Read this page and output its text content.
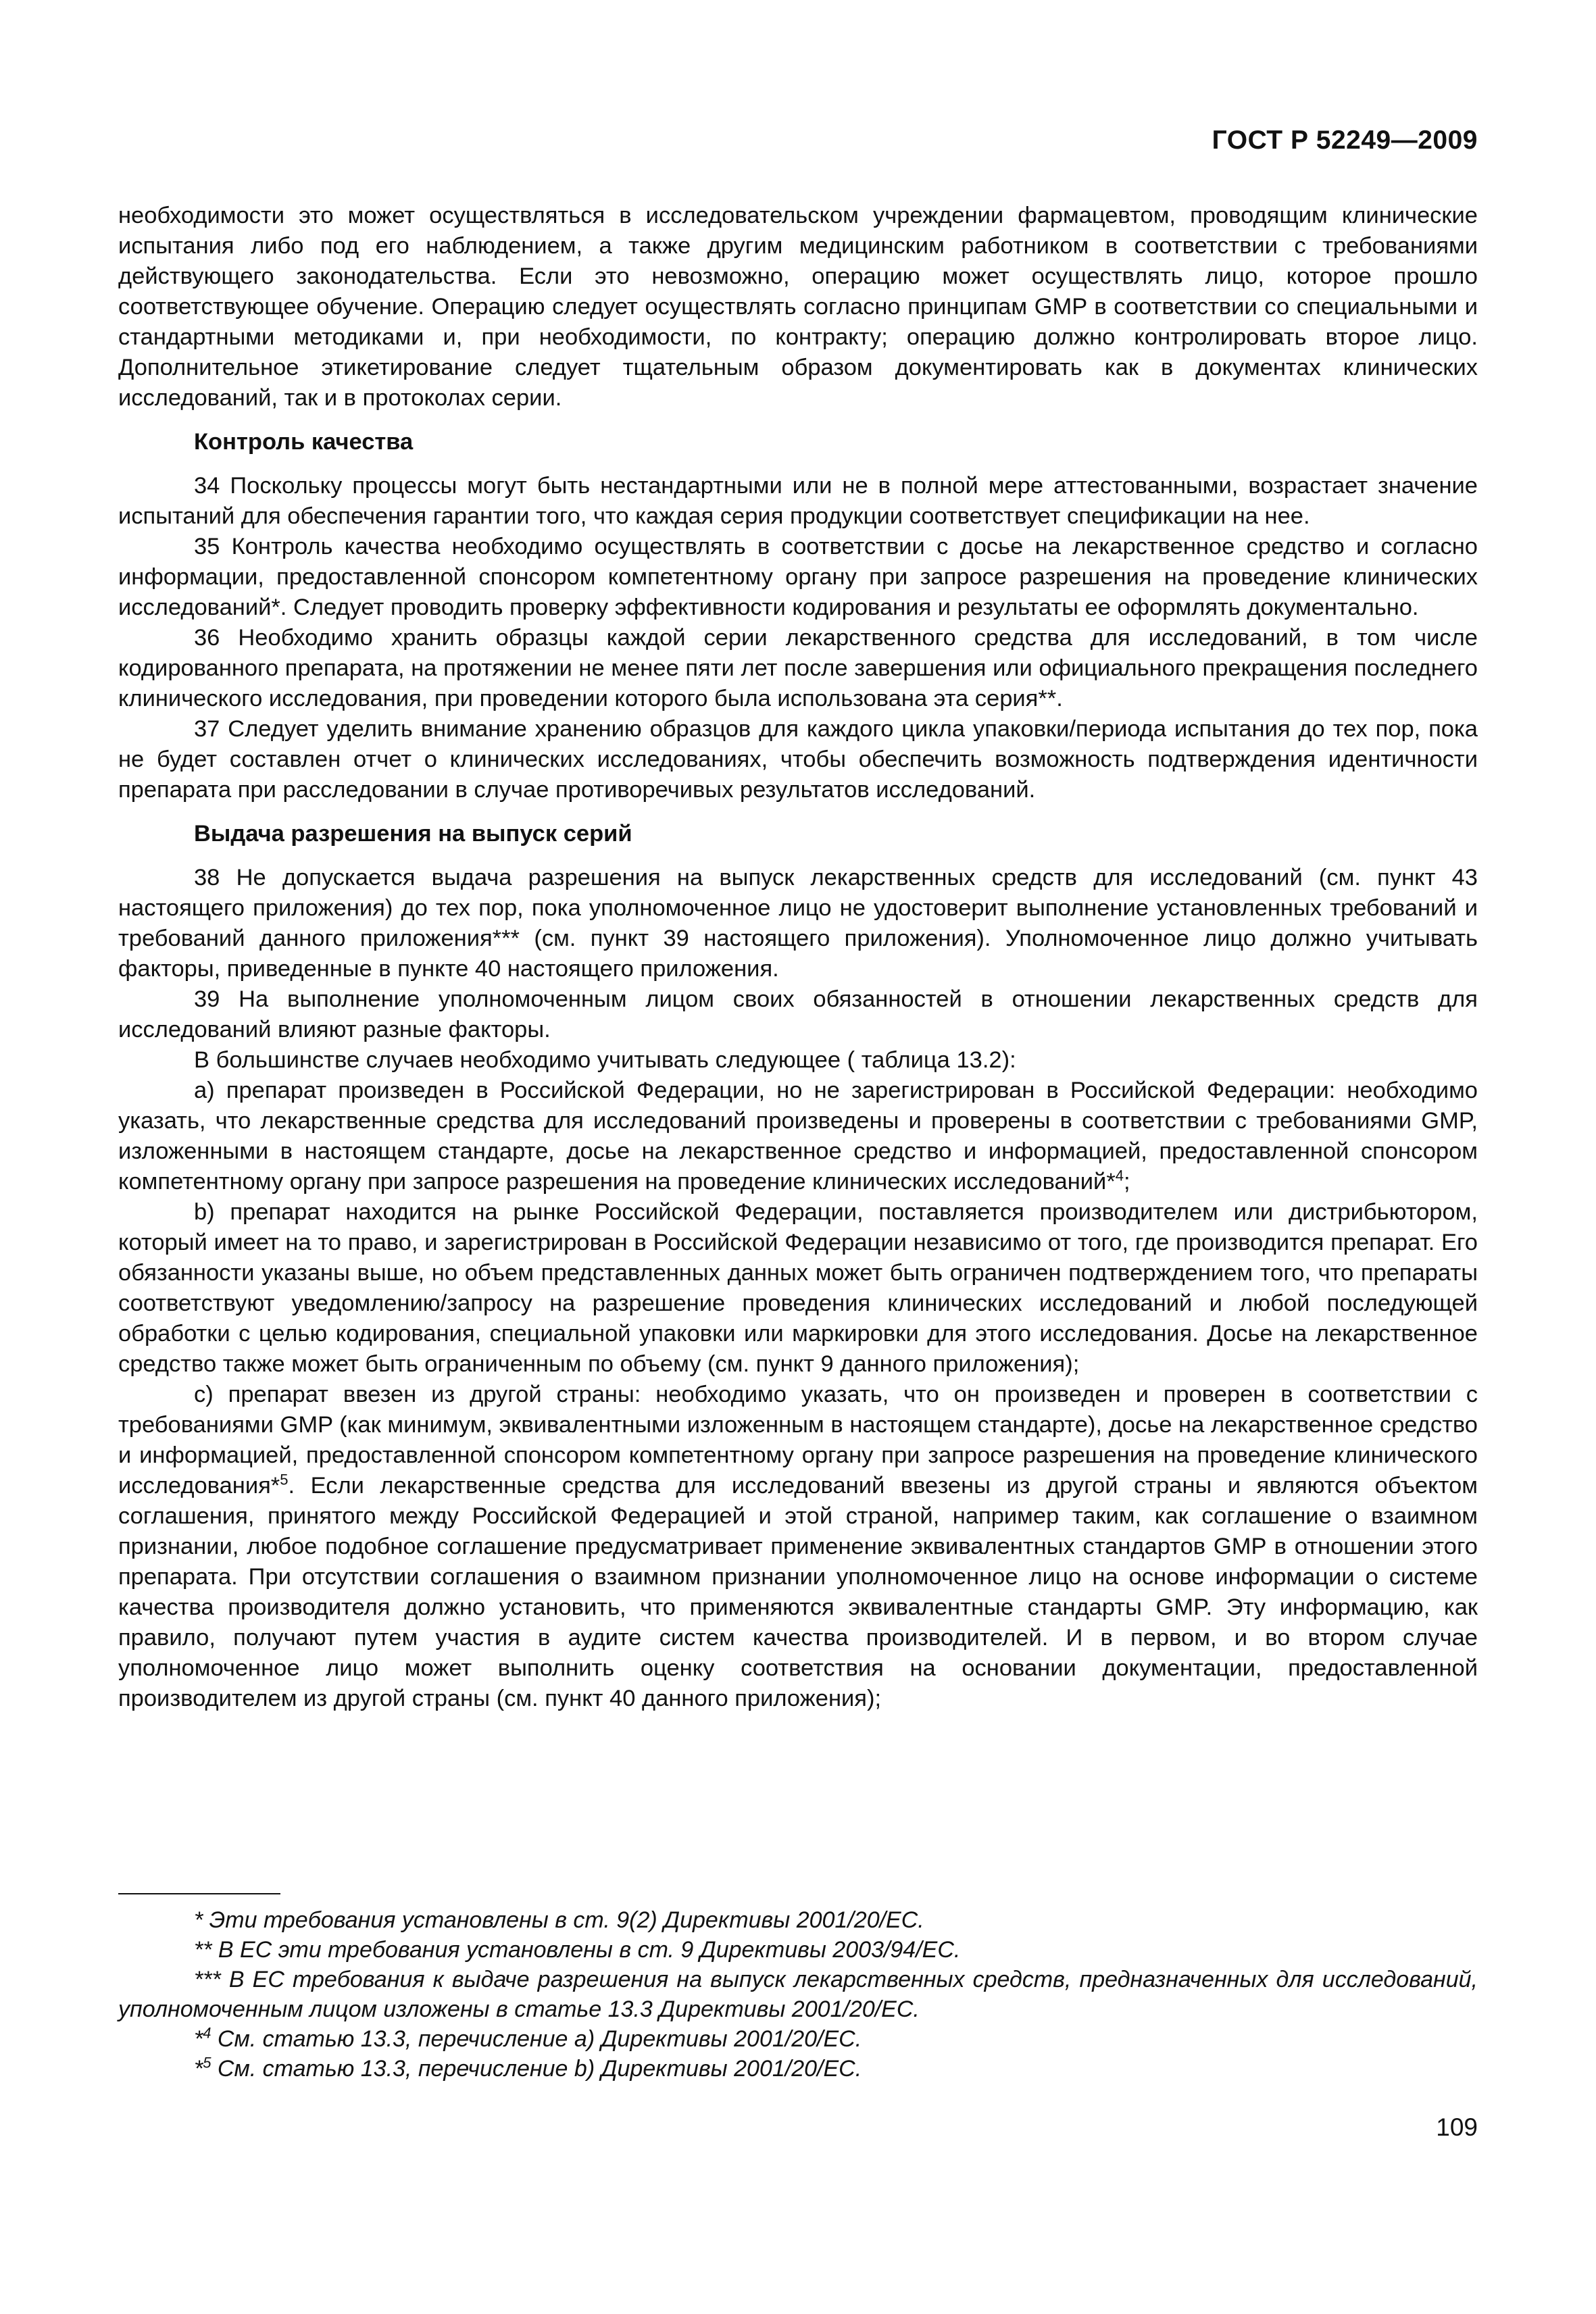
ГОСТ Р 52249—2009

необходимости это может осуществляться в исследовательском учреждении фармацевтом, проводящим клинические испытания либо под его наблюдением, а также другим медицинским работником в соответствии с требованиями действующего законодательства. Если это невозможно, операцию может осуществлять лицо, которое прошло соответствующее обучение. Операцию следует осуществлять согласно принципам GMP в соответствии со специальными и стандартными методиками и, при необходимости, по контракту; операцию должно контролировать второе лицо. Дополнительное этикетирование следует тщательным образом документировать как в документах клинических исследований, так и в протоколах серии.

Контроль качества

34 Поскольку процессы могут быть нестандартными или не в полной мере аттестованными, возрастает значение испытаний для обеспечения гарантии того, что каждая серия продукции соответствует спецификации на нее.

35 Контроль качества необходимо осуществлять в соответствии с досье на лекарственное средство и согласно информации, предоставленной спонсором компетентному органу при запросе разрешения на проведение клинических исследований*. Следует проводить проверку эффективности кодирования и результаты ее оформлять документально.

36 Необходимо хранить образцы каждой серии лекарственного средства для исследований, в том числе кодированного препарата, на протяжении не менее пяти лет после завершения или официального прекращения последнего клинического исследования, при проведении которого была использована эта серия**.

37 Следует уделить внимание хранению образцов для каждого цикла упаковки/периода испытания до тех пор, пока не будет составлен отчет о клинических исследованиях, чтобы обеспечить возможность подтверждения идентичности препарата при расследовании в случае противоречивых результатов исследований.

Выдача разрешения на выпуск серий

38 Не допускается выдача разрешения на выпуск лекарственных средств для исследований (см. пункт 43 настоящего приложения) до тех пор, пока уполномоченное лицо не удостоверит выполнение установленных требований и требований данного приложения*** (см. пункт 39 настоящего приложения). Уполномоченное лицо должно учитывать факторы, приведенные в пункте 40 настоящего приложения.

39 На выполнение уполномоченным лицом своих обязанностей в отношении лекарственных средств для исследований влияют разные факторы.

В большинстве случаев необходимо учитывать следующее ( таблица 13.2):

a) препарат произведен в Российской Федерации, но не зарегистрирован в Российской Федерации: необходимо указать, что лекарственные средства для исследований произведены и проверены в соответствии с требованиями GMP, изложенными в настоящем стандарте, досье на лекарственное средство и информацией, предоставленной спонсором компетентному органу при запросе разрешения на проведение клинических исследований*$^4$;

b) препарат находится на рынке Российской Федерации, поставляется производителем или дистрибьютором, который имеет на то право, и зарегистрирован в Российской Федерации независимо от того, где производится препарат. Его обязанности указаны выше, но объем представленных данных может быть ограничен подтверждением того, что препараты соответствуют уведомлению/запросу на разрешение проведения клинических исследований и любой последующей обработки с целью кодирования, специальной упаковки или маркировки для этого исследования. Досье на лекарственное средство также может быть ограниченным по объему (см. пункт 9 данного приложения);

c) препарат ввезен из другой страны: необходимо указать, что он произведен и проверен в соответствии с требованиями GMP (как минимум, эквивалентными изложенным в настоящем стандарте), досье на лекарственное средство и информацией, предоставленной спонсором компетентному органу при запросе разрешения на проведение клинического исследования*$^5$. Если лекарственные средства для исследований ввезены из другой страны и являются объектом соглашения, принятого между Российской Федерацией и этой страной, например таким, как соглашение о взаимном признании, любое подобное соглашение предусматривает применение эквивалентных стандартов GMP в отношении этого препарата. При отсутствии соглашения о взаимном признании уполномоченное лицо на основе информации о системе качества производителя должно установить, что применяются эквивалентные стандарты GMP. Эту информацию, как правило, получают путем участия в аудите систем качества производителей. И в первом, и во втором случае уполномоченное лицо может выполнить оценку соответствия на основании документации, предоставленной производителем из другой страны (см. пункт 40 данного приложения);

* Эти требования установлены в ст. 9(2) Директивы 2001/20/ЕС.

** В ЕС эти требования установлены в ст. 9 Директивы 2003/94/ЕС.

*** В ЕС требования к выдаче разрешения на выпуск лекарственных средств, предназначенных для исследований, уполномоченным лицом изложены в статье 13.3 Директивы 2001/20/ЕС.

*$^4$ См. статью 13.3, перечисление a) Директивы 2001/20/ЕС.

*$^5$ См. статью 13.3, перечисление b) Директивы 2001/20/ЕС.

109
